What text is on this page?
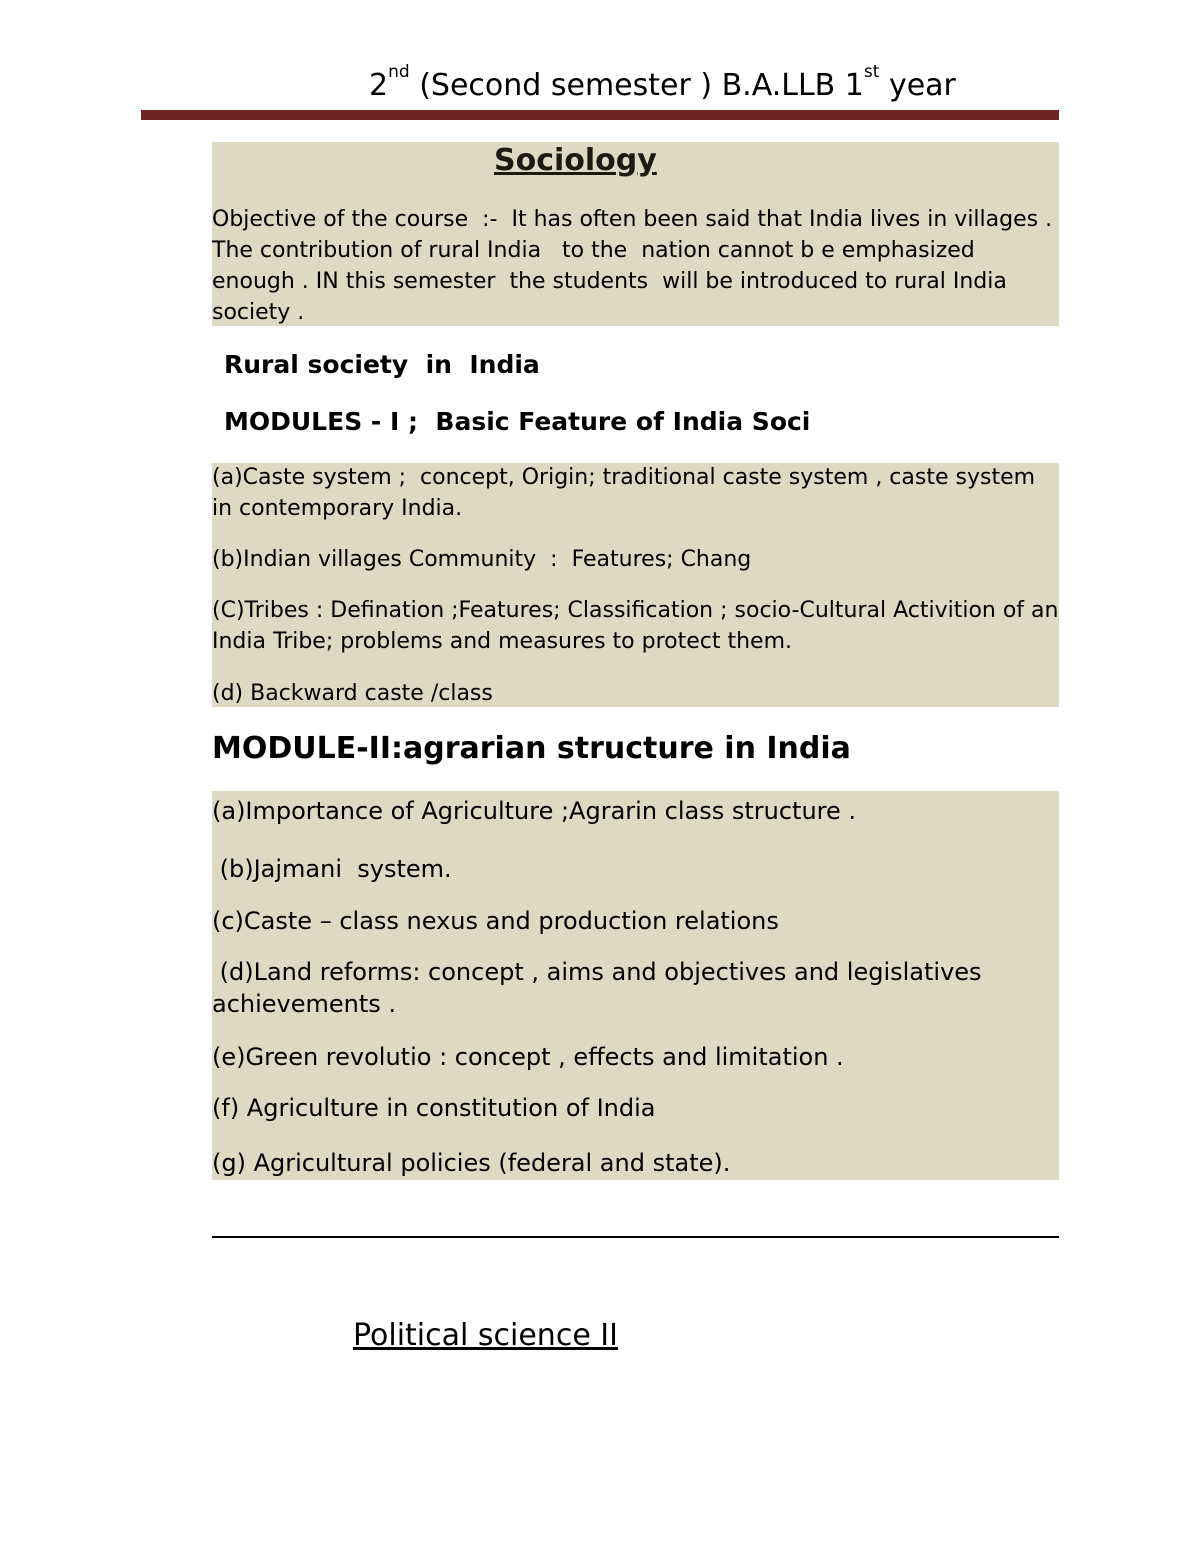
2nd (Second semester ) B.A.LLB 1st year
Sociology
Objective of the course  :-  It has often been said that India lives in villages . The contribution of rural India   to the  nation cannot b e emphasized  enough . IN this semester  the students  will be introduced to rural India society .
Rural society  in  India
MODULES - I ;  Basic Feature of India Soci
(a)Caste system ;  concept, Origin; traditional caste system , caste system in contemporary India.
(b)Indian villages Community  :  Features; Chang
(C)Tribes : Defination ;Features; Classification ; socio-Cultural Activition of an India Tribe; problems and measures to protect them.
(d) Backward caste /class
MODULE-II:agrarian structure in India
(a)Importance of Agriculture ;Agrarin class structure .
(b)Jajmani  system.
(c)Caste – class nexus and production relations
(d)Land reforms: concept , aims and objectives and legislatives achievements .
(e)Green revolutio : concept , effects and limitation .
(f) Agriculture in constitution of India
(g) Agricultural policies (federal and state).
Political science II
